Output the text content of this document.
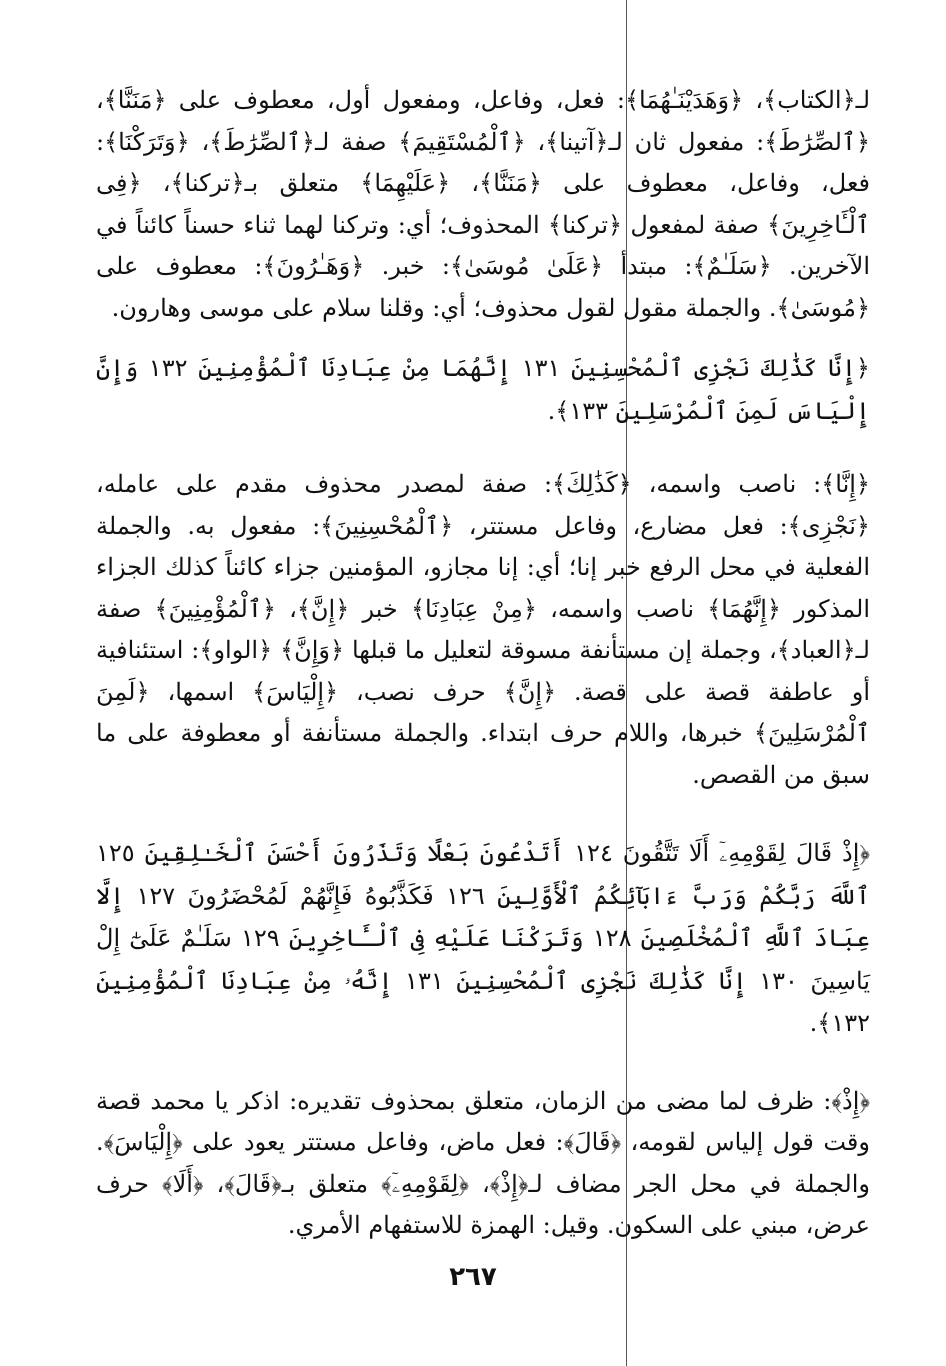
لـ﴿الكتاب﴾، ﴿وَهَدَيْنَـٰهُمَا﴾: فعل، وفاعل، ومفعول أول، معطوف على ﴿مَنَنَّا﴾، ﴿ٱلصِّرَٰطَ﴾: مفعول ثان لـ﴿آتينا﴾، ﴿ٱلْمُسْتَقِيمَ﴾ صفة لـ﴿ٱلصِّرَٰطَ﴾، ﴿وَتَرَكْنَا﴾: فعل، وفاعل، معطوف على ﴿مَنَنَّا﴾، ﴿عَلَيْهِمَا﴾ متعلق بـ﴿تركنا﴾، ﴿فِى ٱلْـَٔاخِرِينَ﴾ صفة لمفعول ﴿تركنا﴾ المحذوف؛ أي: وتركنا لهما ثناء حسناً كائناً في الآخرين. ﴿سَلَـٰمٌ﴾: مبتدأ ﴿عَلَىٰ مُوسَىٰ﴾: خبر. ﴿وَهَـٰرُونَ﴾: معطوف على ﴿مُوسَىٰ﴾. والجملة مقول لقول محذوف؛ أي: وقلنا سلام على موسى وهارون.

﴿إِنَّا كَذَٰلِكَ نَجْزِى ٱلْمُحْسِنِينَ ١٣١ إِنَّهُمَا مِنْ عِبَادِنَا ٱلْمُؤْمِنِينَ ١٣٢ وَإِنَّ إِلْيَاسَ لَمِنَ ٱلْمُرْسَلِينَ ١٣٣﴾.

﴿إِنَّا﴾: ناصب واسمه، ﴿كَذَٰلِكَ﴾: صفة لمصدر محذوف مقدم على عامله، ﴿نَجْزِى﴾: فعل مضارع، وفاعل مستتر، ﴿ٱلْمُحْسِنِينَ﴾: مفعول به. والجملة الفعلية في محل الرفع خبر إنا؛ أي: إنا مجازو، المؤمنين جزاء كائناً كذلك الجزاء المذكور ﴿إِنَّهُمَا﴾ ناصب واسمه، ﴿مِنْ عِبَادِنَا﴾ خبر ﴿إِنَّ﴾، ﴿ٱلْمُؤْمِنِينَ﴾ صفة لـ﴿العباد﴾، وجملة إن مستأنفة مسوقة لتعليل ما قبلها ﴿وَإِنَّ﴾ ﴿الواو﴾: استئنافية أو عاطفة قصة على قصة. ﴿إِنَّ﴾ حرف نصب، ﴿إِلْيَاسَ﴾ اسمها، ﴿لَمِنَ ٱلْمُرْسَلِينَ﴾ خبرها، واللام حرف ابتداء. والجملة مستأنفة أو معطوفة على ما سبق من القصص.

﴿إِذْ قَالَ لِقَوْمِهِۦٓ أَلَا تَتَّقُونَ ١٢٤ أَتَدْعُونَ بَعْلًا وَتَذَرُونَ أَحْسَنَ ٱلْخَـٰلِقِينَ ١٢٥ ٱللَّهَ رَبَّكُمْ وَرَبَّ ءَابَآئِكُمُ ٱلْأَوَّلِينَ ١٢٦ فَكَذَّبُوهُ فَإِنَّهُمْ لَمُحْضَرُونَ ١٢٧ إِلَّا عِبَادَ ٱللَّهِ ٱلْمُخْلَصِينَ ١٢٨ وَتَرَكْنَا عَلَيْهِ فِى ٱلْـَٔاخِرِينَ ١٢٩ سَلَـٰمٌ عَلَىٰٓ إِلْ يَاسِينَ ١٣٠ إِنَّا كَذَٰلِكَ نَجْزِى ٱلْمُحْسِنِينَ ١٣١ إِنَّهُۥ مِنْ عِبَادِنَا ٱلْمُؤْمِنِينَ ١٣٢﴾.

﴿إِذْ﴾: ظرف لما مضى من الزمان، متعلق بمحذوف تقديره: اذكر يا محمد قصة وقت قول إلياس لقومه، ﴿قَالَ﴾: فعل ماض، وفاعل مستتر يعود على ﴿إِلْيَاسَ﴾. والجملة في محل الجر مضاف لـ﴿إِذْ﴾، ﴿لِقَوْمِهِۦٓ﴾ متعلق بـ﴿قَالَ﴾، ﴿أَلَا﴾ حرف عرض، مبني على السكون. وقيل: الهمزة للاستفهام الأمري.

٢٦٧
